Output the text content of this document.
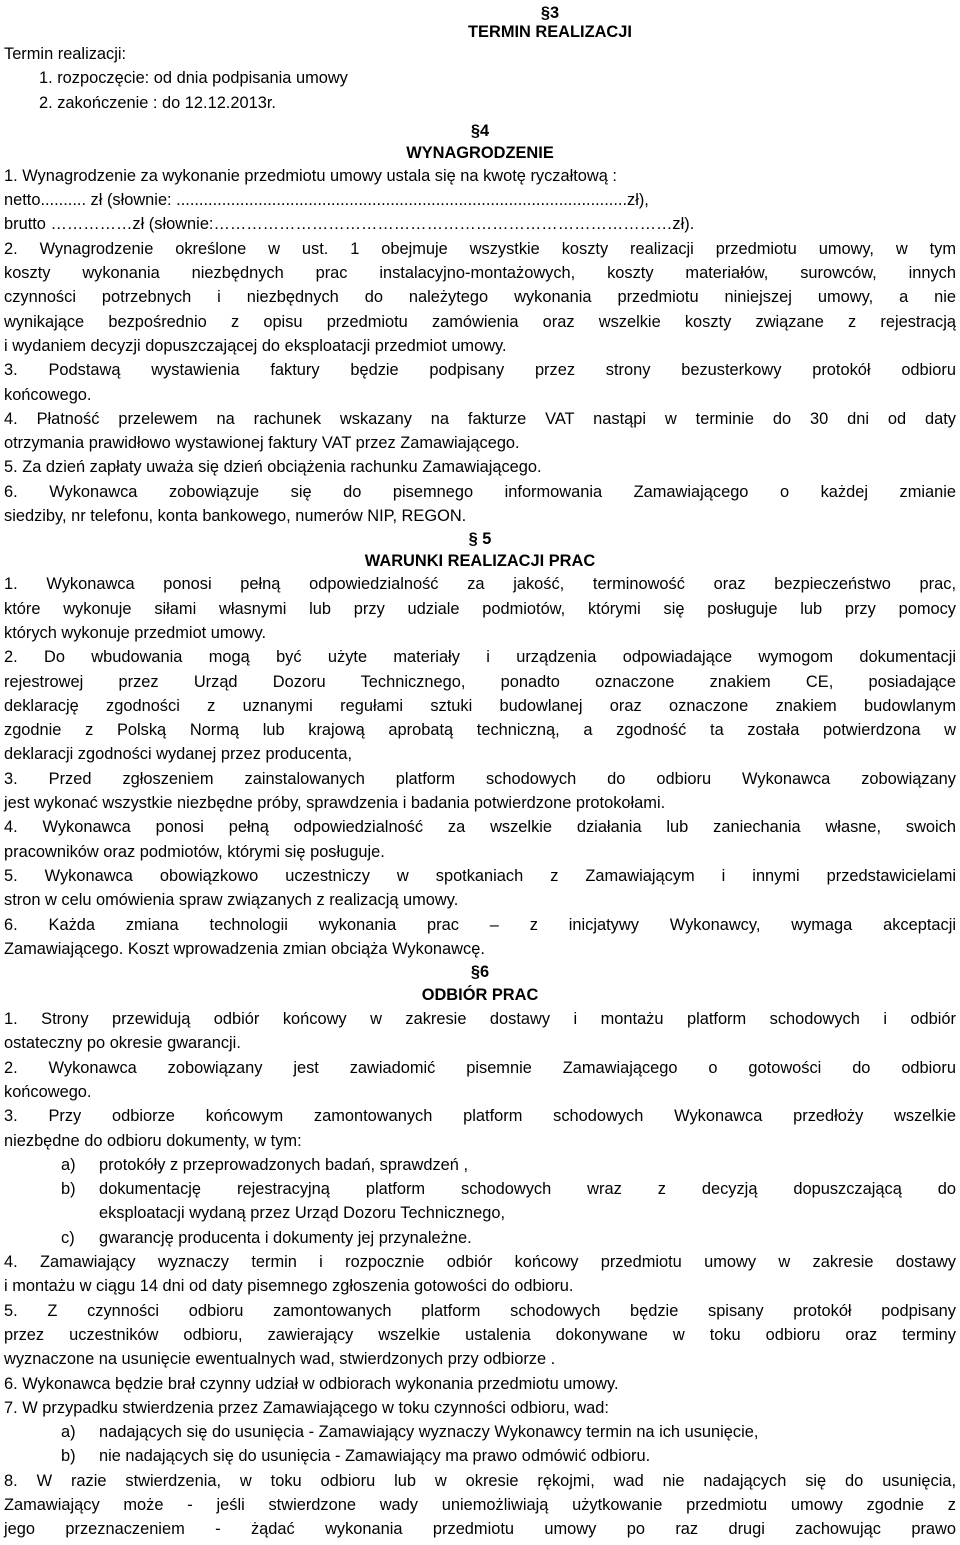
§3
TERMIN REALIZACJI
Termin realizacji:
1. rozpoczęcie: od dnia podpisania umowy
2. zakończenie : do 12.12.2013r.
§4
WYNAGRODZENIE
1. Wynagrodzenie za wykonanie przedmiotu umowy ustala się na kwotę ryczałtową :
netto.......... zł (słownie: ...................................................................................................zł),
brutto ……………zł (słownie:…………………………………………………………………………zł).
2. Wynagrodzenie określone w ust. 1 obejmuje wszystkie koszty realizacji przedmiotu umowy, w tym
koszty wykonania niezbędnych prac instalacyjno-montażowych, koszty materiałów, surowców, innych
czynności potrzebnych i niezbędnych do należytego wykonania przedmiotu niniejszej umowy, a nie
wynikające bezpośrednio z opisu przedmiotu zamówienia oraz wszelkie koszty związane z rejestracją
i wydaniem decyzji dopuszczającej do eksploatacji przedmiot umowy.
3. Podstawą wystawienia faktury będzie podpisany przez strony bezusterkowy protokół odbioru
końcowego.
4. Płatność przelewem na rachunek wskazany na fakturze VAT nastąpi w terminie do 30 dni od daty
otrzymania prawidłowo wystawionej faktury VAT przez Zamawiającego.
5. Za dzień zapłaty uważa się dzień obciążenia rachunku Zamawiającego.
6. Wykonawca zobowiązuje się do pisemnego informowania Zamawiającego o każdej zmianie
siedziby, nr telefonu, konta bankowego, numerów NIP, REGON.
§ 5
WARUNKI REALIZACJI PRAC
1. Wykonawca ponosi pełną odpowiedzialność za jakość, terminowość oraz bezpieczeństwo prac,
które wykonuje siłami własnymi lub przy udziale podmiotów, którymi się posługuje lub przy pomocy
których wykonuje przedmiot umowy.
2. Do wbudowania mogą być użyte materiały i urządzenia odpowiadające wymogom dokumentacji
rejestrowej przez Urząd Dozoru Technicznego, ponadto oznaczone znakiem CE, posiadające
deklarację zgodności z uznanymi regułami sztuki budowlanej oraz oznaczone znakiem budowlanym
zgodnie z Polską Normą lub krajową aprobatą techniczną, a zgodność ta została potwierdzona w
deklaracji zgodności wydanej przez producenta,
3. Przed zgłoszeniem zainstalowanych platform schodowych do odbioru Wykonawca zobowiązany
jest wykonać wszystkie niezbędne próby, sprawdzenia i badania potwierdzone protokołami.
4. Wykonawca ponosi pełną odpowiedzialność za wszelkie działania lub zaniechania własne, swoich
pracowników oraz podmiotów, którymi się posługuje.
5. Wykonawca obowiązkowo uczestniczy w spotkaniach z Zamawiającym i innymi przedstawicielami
stron w celu omówienia spraw związanych z realizacją umowy.
6. Każda zmiana technologii wykonania prac – z inicjatywy Wykonawcy, wymaga akceptacji
Zamawiającego. Koszt wprowadzenia zmian obciąża Wykonawcę.
§6
ODBIÓR PRAC
1. Strony przewidują odbiór końcowy w zakresie dostawy i montażu platform schodowych i odbiór
ostateczny po okresie gwarancji.
2. Wykonawca zobowiązany jest zawiadomić pisemnie Zamawiającego o gotowości do odbioru
końcowego.
3. Przy odbiorze końcowym zamontowanych platform schodowych Wykonawca przedłoży wszelkie
niezbędne do odbioru dokumenty, w tym:
a)	protokóły z przeprowadzonych badań, sprawdzeń ,
b)	dokumentację rejestracyjną platform schodowych wraz z decyzją dopuszczającą do
eksploatacji wydaną przez Urząd Dozoru Technicznego,
c)	gwarancję producenta i dokumenty jej przynależne.
4. Zamawiający wyznaczy termin i rozpocznie odbiór końcowy przedmiotu umowy w zakresie dostawy
i montażu w ciągu 14 dni od daty pisemnego zgłoszenia gotowości do odbioru.
5. Z czynności odbioru zamontowanych platform schodowych będzie spisany protokół podpisany
przez uczestników odbioru, zawierający wszelkie ustalenia dokonywane w toku odbioru oraz terminy
wyznaczone na usunięcie ewentualnych wad, stwierdzonych przy odbiorze .
6. Wykonawca będzie brał czynny udział w odbiorach wykonania przedmiotu umowy.
7. W przypadku stwierdzenia przez Zamawiającego w toku czynności odbioru, wad:
a)	nadających się do usunięcia - Zamawiający wyznaczy Wykonawcy termin na ich usunięcie,
b)	nie nadających się do usunięcia - Zamawiający ma prawo odmówić odbioru.
8. W razie stwierdzenia, w toku odbioru lub w okresie rękojmi, wad nie nadających się do usunięcia,
Zamawiający może - jeśli stwierdzone wady uniemożliwiają użytkowanie przedmiotu umowy zgodnie z
jego przeznaczeniem - żądać wykonania przedmiotu umowy po raz drugi zachowując prawo
